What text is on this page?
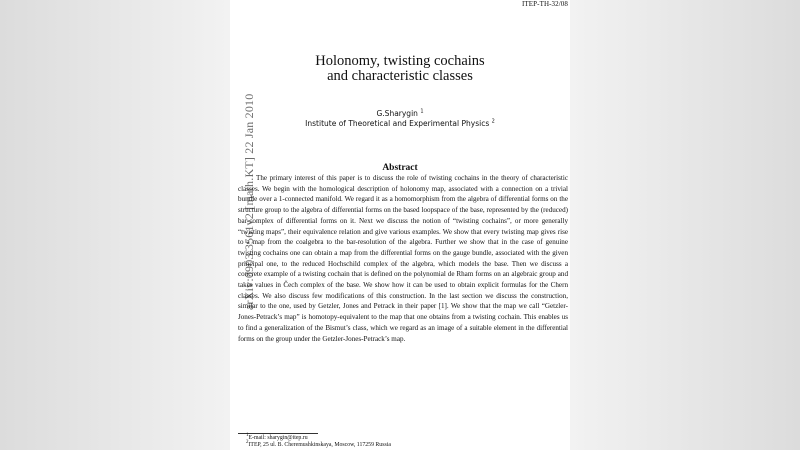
ITEP-TH-32/08
arXiv:0903.3561v2 [math.KT] 22 Jan 2010
Holonomy, twisting cochains
and characteristic classes
G.Sharygin $^1$
Institute of Theoretical and Experimental Physics $^2$
Abstract
The primary interest of this paper is to discuss the role of twisting cochains in the theory of characteristic classes. We begin with the homological description of holonomy map, associated with a connection on a trivial bundle over a 1-connected manifold. We regard it as a homomorphism from the algebra of differential forms on the structure group to the algebra of differential forms on the based loopspace of the base, represented by the (reduced) bar-complex of differential forms on it. Next we discuss the notion of “twisting cochains”, or more generally “twisting maps”, their equivalence relation and give various examples. We show that every twisting map gives rise to a map from the coalgebra to the bar-resolution of the algebra. Further we show that in the case of genuine twisting cochains one can obtain a map from the differential forms on the gauge bundle, associated with the given principal one, to the reduced Hochschild complex of the algebra, which models the base. Then we discuss a concrete example of a twisting cochain that is defined on the polynomial de Rham forms on an algebraic group and takes values in Čech complex of the base. We show how it can be used to obtain explicit formulas for the Chern classes. We also discuss few modifications of this construction. In the last section we discuss the construction, similar to the one, used by Getzler, Jones and Petrack in their paper [1]. We show that the map we call “Getzler-Jones-Petrack’s map” is homotopy-equivalent to the map that one obtains from a twisting cochain. This enables us to find a generalization of the Bismut’s class, which we regard as an image of a suitable element in the differential forms on the group under the Getzler-Jones-Petrack’s map.
$^1$E-mail: sharygin@itep.ru
$^2$ITEP, 25 ul. B. Cheremushkinskaya, Moscow, 117259 Russia
